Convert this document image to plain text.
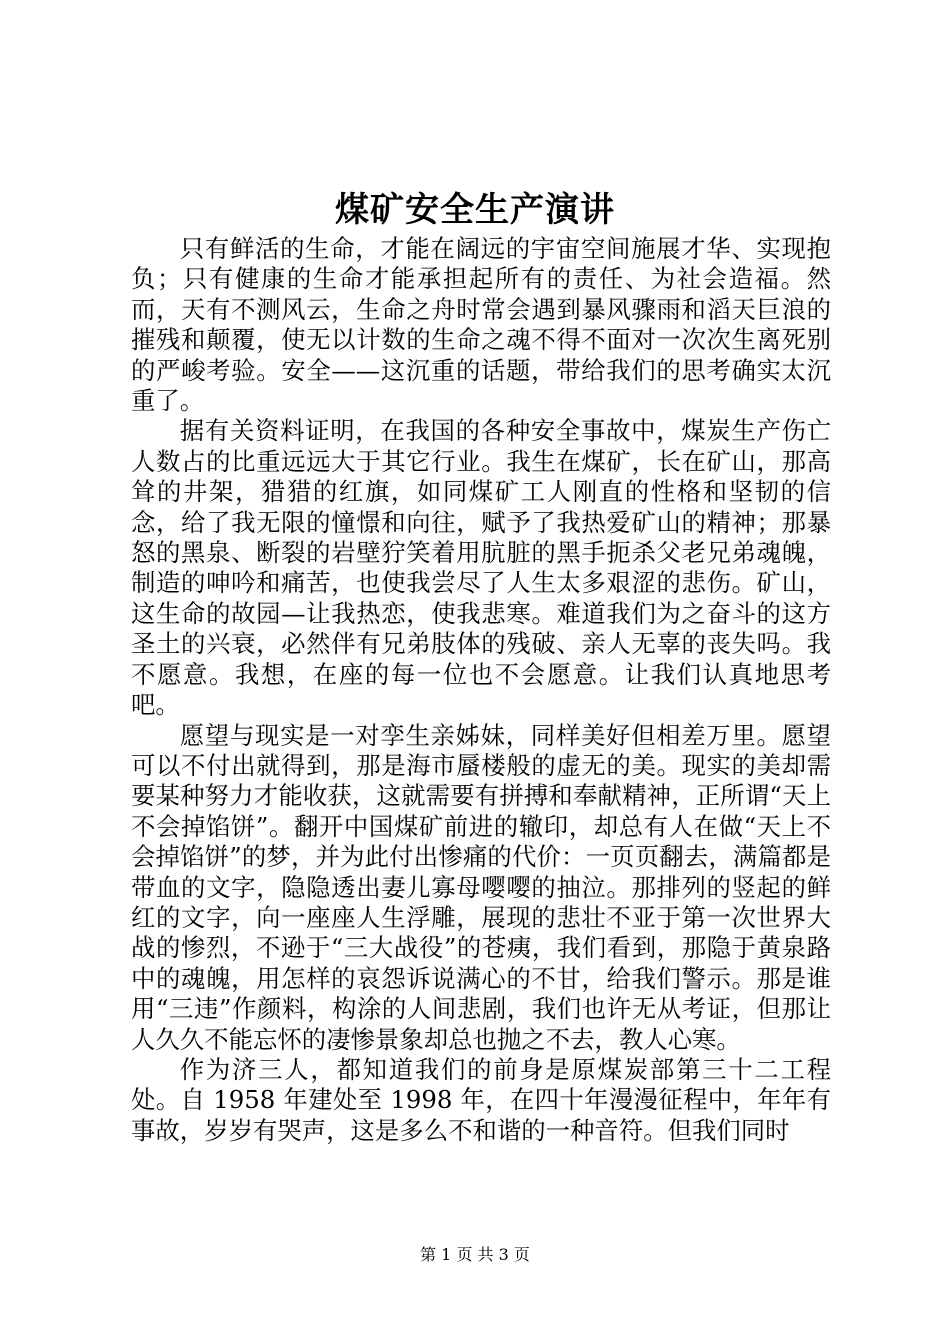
煤矿安全生产演讲

只有鲜活的生命，才能在阔远的宇宙空间施展才华、实现抱负；只有健康的生命才能承担起所有的责任、为社会造福。然而，天有不测风云，生命之舟时常会遇到暴风骤雨和滔天巨浪的摧残和颠覆，使无以计数的生命之魂不得不面对一次次生离死别的严峻考验。安全——这沉重的话题，带给我们的思考确实太沉重了。

据有关资料证明，在我国的各种安全事故中，煤炭生产伤亡人数占的比重远远大于其它行业。我生在煤矿，长在矿山，那高耸的井架，猎猎的红旗，如同煤矿工人刚直的性格和坚韧的信念，给了我无限的憧憬和向往，赋予了我热爱矿山的精神；那暴怒的黑泉、断裂的岩壁狞笑着用肮脏的黑手扼杀父老兄弟魂魄，制造的呻吟和痛苦，也使我尝尽了人生太多艰涩的悲伤。矿山，这生命的故园—让我热恋，使我悲寒。难道我们为之奋斗的这方圣土的兴衰，必然伴有兄弟肢体的残破、亲人无辜的丧失吗。我不愿意。我想，在座的每一位也不会愿意。让我们认真地思考吧。

愿望与现实是一对孪生亲姊妹，同样美好但相差万里。愿望可以不付出就得到，那是海市蜃楼般的虚无的美。现实的美却需要某种努力才能收获，这就需要有拼搏和奉献精神，正所谓“天上不会掉馅饼”。翻开中国煤矿前进的辙印，却总有人在做“天上不会掉馅饼”的梦，并为此付出惨痛的代价：一页页翻去，满篇都是带血的文字，隐隐透出妻儿寡母嘤嘤的抽泣。那排列的竖起的鲜红的文字，向一座座人生浮雕，展现的悲壮不亚于第一次世界大战的惨烈，不逊于“三大战役”的苍痍，我们看到，那隐于黄泉路中的魂魄，用怎样的哀怨诉说满心的不甘，给我们警示。那是谁用“三违”作颜料，构涂的人间悲剧，我们也许无从考证，但那让人久久不能忘怀的凄惨景象却总也抛之不去，教人心寒。

作为济三人，都知道我们的前身是原煤炭部第三十二工程处。自 1958 年建处至 1998 年，在四十年漫漫征程中，年年有事故，岁岁有哭声，这是多么不和谐的一种音符。但我们同时

第 1 页 共 3 页
